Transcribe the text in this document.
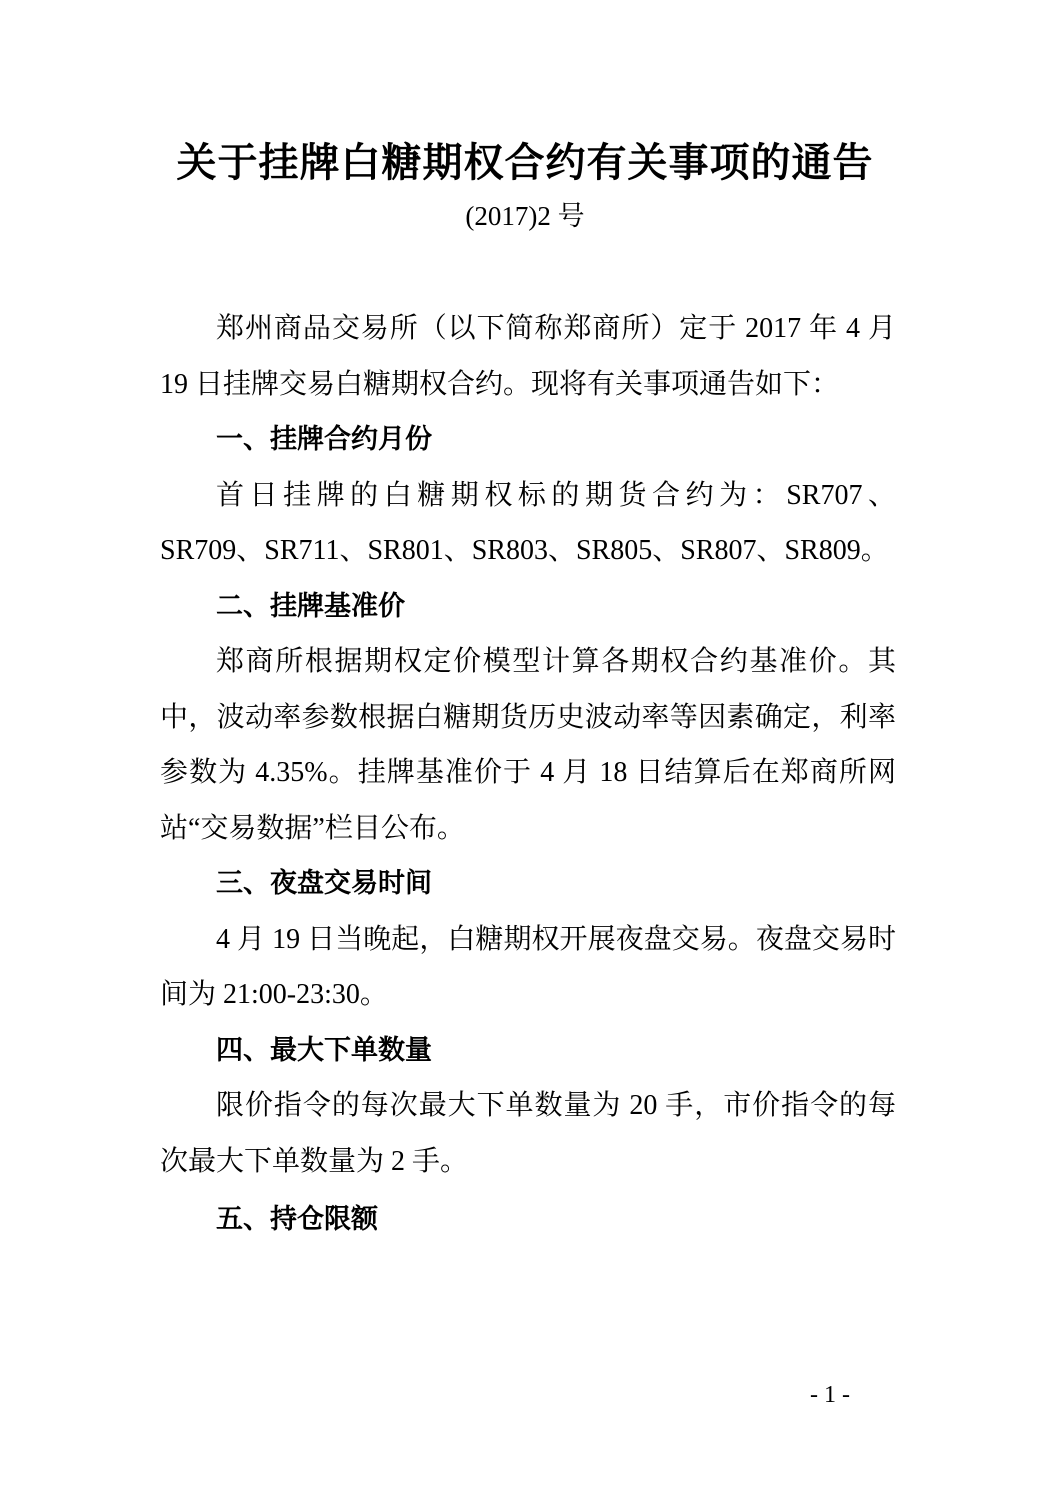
关于挂牌白糖期权合约有关事项的通告
(2017)2 号

郑州商品交易所（以下简称郑商所）定于 2017 年 4 月 19 日挂牌交易白糖期权合约。现将有关事项通告如下：

一、挂牌合约月份

首日挂牌的白糖期权标的期货合约为：SR707、SR709、SR711、SR801、SR803、SR805、SR807、SR809。

二、挂牌基准价

郑商所根据期权定价模型计算各期权合约基准价。其中，波动率参数根据白糖期货历史波动率等因素确定，利率参数为 4.35%。挂牌基准价于 4 月 18 日结算后在郑商所网站“交易数据”栏目公布。

三、夜盘交易时间

4 月 19 日当晚起，白糖期权开展夜盘交易。夜盘交易时间为 21:00-23:30。

四、最大下单数量

限价指令的每次最大下单数量为 20 手，市价指令的每次最大下单数量为 2 手。

五、持仓限额

- 1 -
